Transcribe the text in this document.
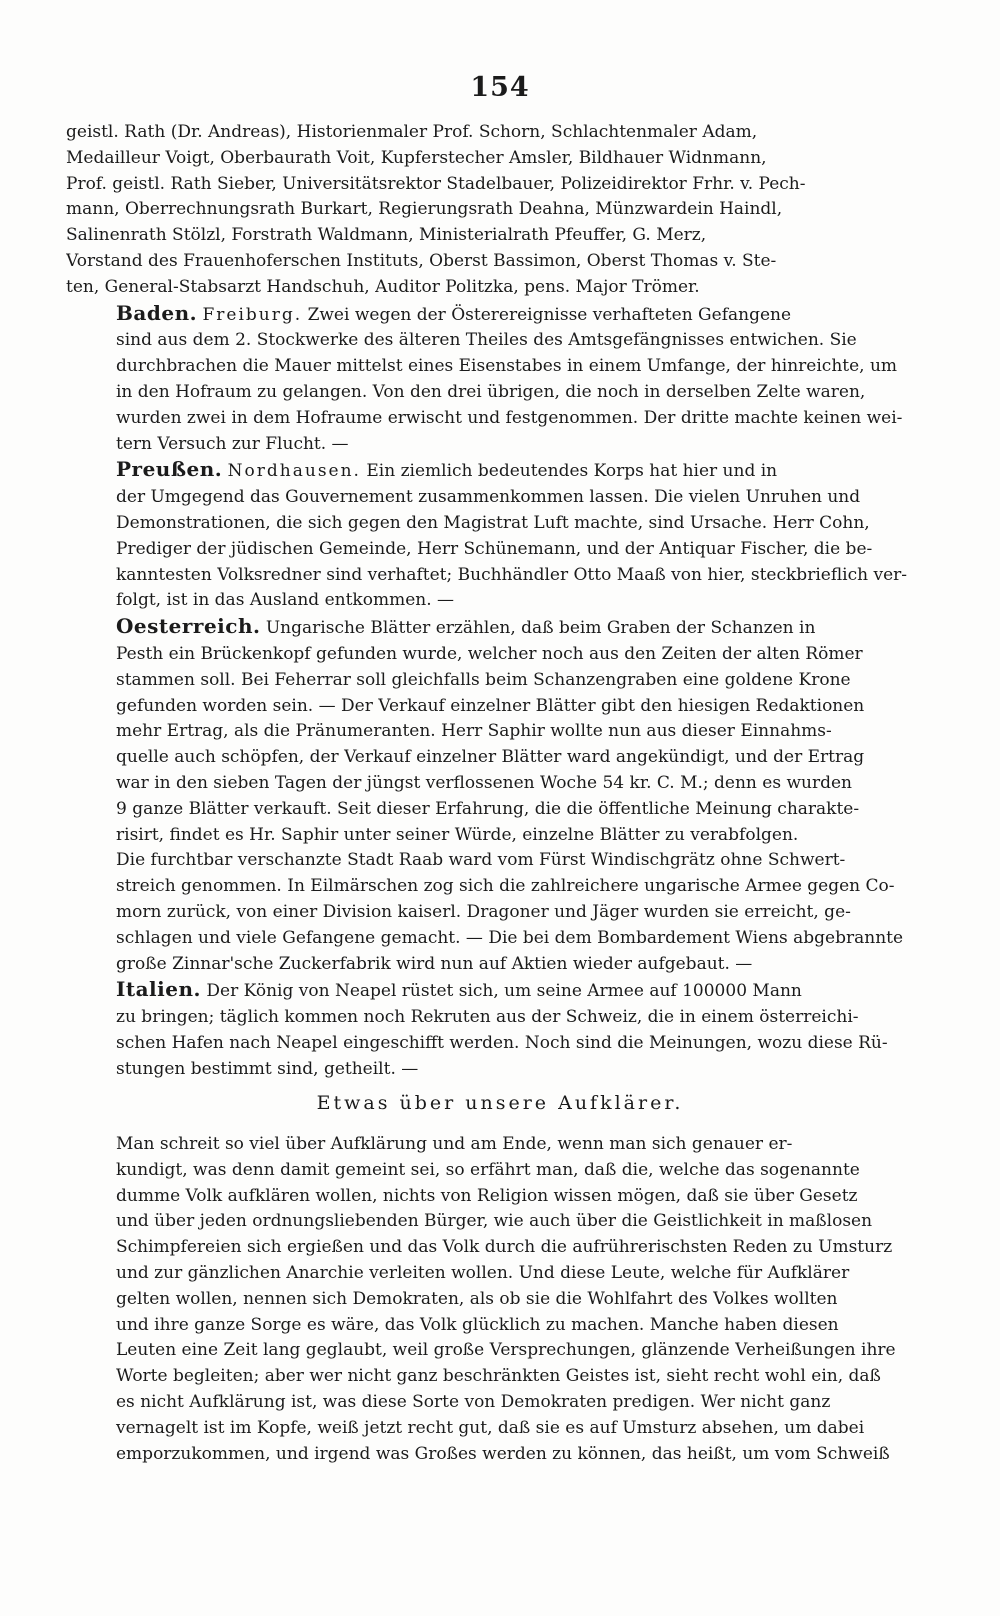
154

geistl. Rath (Dr. Andreas), Historienmaler Prof. Schorn, Schlachtenmaler Adam,
Medailleur Voigt, Oberbaurath Voit, Kupferstecher Amsler, Bildhauer Widnmann,
Prof. geistl. Rath Sieber, Universitätsrektor Stadelbauer, Polizeidirektor Frhr. v. Pech-
mann, Oberrechnungsrath Burkart, Regierungsrath Deahna, Münzwardein Haindl,
Salinenrath Stölzl, Forstrath Waldmann, Ministerialrath Pfeuffer, G. Merz,
Vorstand des Frauenhoferschen Instituts, Oberst Bassimon, Oberst Thomas v. Ste-
ten, General-Stabsarzt Handschuh, Auditor Politzka, pens. Major Trömer.

Baden. Freiburg. Zwei wegen der Österereignisse verhafteten Gefangene
sind aus dem 2. Stockwerke des älteren Theiles des Amtsgefängnisses entwichen. Sie
durchbrachen die Mauer mittelst eines Eisenstabes in einem Umfange, der hinreichte, um
in den Hofraum zu gelangen. Von den drei übrigen, die noch in derselben Zelte waren,
wurden zwei in dem Hofraume erwischt und festgenommen. Der dritte machte keinen wei-
tern Versuch zur Flucht. —

Preußen. Nordhausen. Ein ziemlich bedeutendes Korps hat hier und in
der Umgegend das Gouvernement zusammenkommen lassen. Die vielen Unruhen und
Demonstrationen, die sich gegen den Magistrat Luft machte, sind Ursache. Herr Cohn,
Prediger der jüdischen Gemeinde, Herr Schünemann, und der Antiquar Fischer, die be-
kanntesten Volksredner sind verhaftet; Buchhändler Otto Maaß von hier, steckbrieflich ver-
folgt, ist in das Ausland entkommen. —

Oesterreich. Ungarische Blätter erzählen, daß beim Graben der Schanzen in
Pesth ein Brückenkopf gefunden wurde, welcher noch aus den Zeiten der alten Römer
stammen soll. Bei Feherrar soll gleichfalls beim Schanzengraben eine goldene Krone
gefunden worden sein. — Der Verkauf einzelner Blätter gibt den hiesigen Redaktionen
mehr Ertrag, als die Pränumeranten. Herr Saphir wollte nun aus dieser Einnahms-
quelle auch schöpfen, der Verkauf einzelner Blätter ward angekündigt, und der Ertrag
war in den sieben Tagen der jüngst verflossenen Woche 54 kr. C. M.; denn es wurden
9 ganze Blätter verkauft. Seit dieser Erfahrung, die die öffentliche Meinung charakte-
risirt, findet es Hr. Saphir unter seiner Würde, einzelne Blätter zu verabfolgen.

Die furchtbar verschanzte Stadt Raab ward vom Fürst Windischgrätz ohne Schwert-
streich genommen. In Eilmärschen zog sich die zahlreichere ungarische Armee gegen Co-
morn zurück, von einer Division kaiserl. Dragoner und Jäger wurden sie erreicht, ge-
schlagen und viele Gefangene gemacht. — Die bei dem Bombardement Wiens abgebrannte
große Zinnar'sche Zuckerfabrik wird nun auf Aktien wieder aufgebaut. —

Italien. Der König von Neapel rüstet sich, um seine Armee auf 100000 Mann
zu bringen; täglich kommen noch Rekruten aus der Schweiz, die in einem österreichi-
schen Hafen nach Neapel eingeschifft werden. Noch sind die Meinungen, wozu diese Rü-
stungen bestimmt sind, getheilt. —

Etwas über unsere Aufklärer.

Man schreit so viel über Aufklärung und am Ende, wenn man sich genauer er-
kundigt, was denn damit gemeint sei, so erfährt man, daß die, welche das sogenannte
dumme Volk aufklären wollen, nichts von Religion wissen mögen, daß sie über Gesetz
und über jeden ordnungsliebenden Bürger, wie auch über die Geistlichkeit in maßlosen
Schimpfereien sich ergießen und das Volk durch die aufrührerischsten Reden zu Umsturz
und zur gänzlichen Anarchie verleiten wollen. Und diese Leute, welche für Aufklärer
gelten wollen, nennen sich Demokraten, als ob sie die Wohlfahrt des Volkes wollten
und ihre ganze Sorge es wäre, das Volk glücklich zu machen. Manche haben diesen
Leuten eine Zeit lang geglaubt, weil große Versprechungen, glänzende Verheißungen ihre
Worte begleiten; aber wer nicht ganz beschränkten Geistes ist, sieht recht wohl ein, daß
es nicht Aufklärung ist, was diese Sorte von Demokraten predigen. Wer nicht ganz
vernagelt ist im Kopfe, weiß jetzt recht gut, daß sie es auf Umsturz absehen, um dabei
emporzukommen, und irgend was Großes werden zu können, das heißt, um vom Schweiß
